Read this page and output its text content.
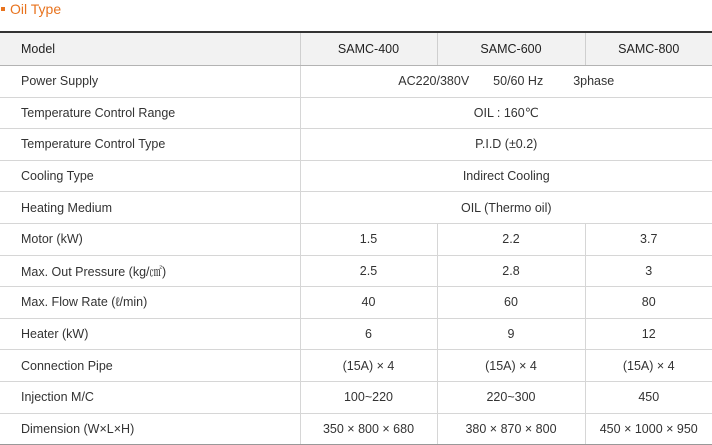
Oil Type
Model	SAMC-400	SAMC-600	SAMC-800
Power Supply	AC220/380V 50/60 Hz 3phase		
Temperature Control Range	OIL : 160℃		
Temperature Control Type	P.I.D (±0.2)		
Cooling Type	Indirect Cooling		
Heating Medium	OIL (Thermo oil)		
Motor (kW)	1.5	2.2	3.7
Max. Out Pressure (kg/㎠)	2.5	2.8	3
Max. Flow Rate (ℓ/min)	40	60	80
Heater (kW)	6	9	12
Connection Pipe	(15A) × 4	(15A) × 4	(15A) × 4
Injection M/C	100~220	220~300	450
Dimension (W×L×H)	350 × 800 × 680	380 × 870 × 800	450 × 1000 × 950
